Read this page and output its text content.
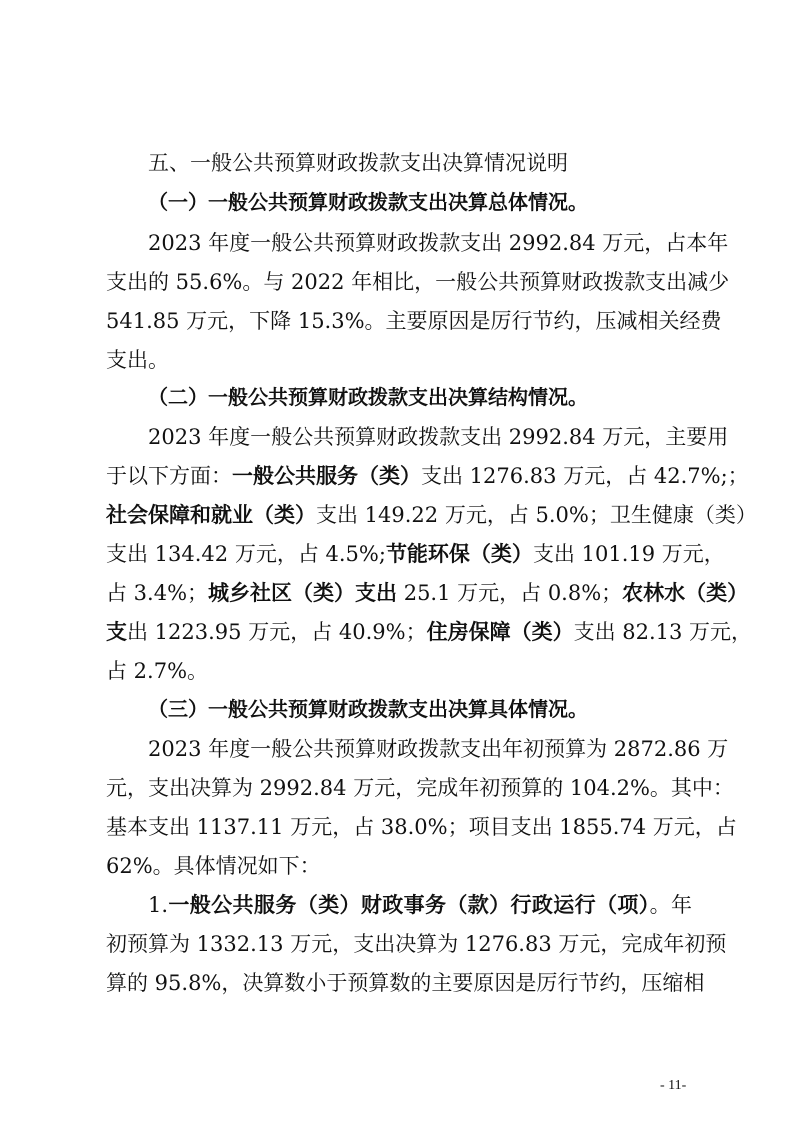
五、一般公共预算财政拨款支出决算情况说明
（一）一般公共预算财政拨款支出决算总体情况。
2023 年度一般公共预算财政拨款支出 2992.84 万元，占本年
支出的 55.6%。与 2022 年相比，一般公共预算财政拨款支出减少
541.85 万元，下降 15.3%。主要原因是厉行节约，压减相关经费
支出。
（二）一般公共预算财政拨款支出决算结构情况。
2023 年度一般公共预算财政拨款支出 2992.84 万元，主要用
于以下方面：一般公共服务（类）支出 1276.83 万元，占 42.7%;；
社会保障和就业（类）支出 149.22 万元，占 5.0%；卫生健康（类）
支出 134.42 万元，占 4.5%;节能环保（类）支出 101.19 万元，
占 3.4%；城乡社区（类）支出 25.1 万元，占 0.8%；农林水（类）
支出 1223.95 万元，占 40.9%；住房保障（类）支出 82.13 万元，
占 2.7%。
（三）一般公共预算财政拨款支出决算具体情况。
2023 年度一般公共预算财政拨款支出年初预算为 2872.86 万
元，支出决算为 2992.84 万元，完成年初预算的 104.2%。其中：
基本支出 1137.11 万元，占 38.0%；项目支出 1855.74 万元，占
62%。具体情况如下：
1.一般公共服务（类）财政事务（款）行政运行（项）。年
初预算为 1332.13 万元，支出决算为 1276.83 万元，完成年初预
算的 95.8%，决算数小于预算数的主要原因是厉行节约，压缩相
- 11-
